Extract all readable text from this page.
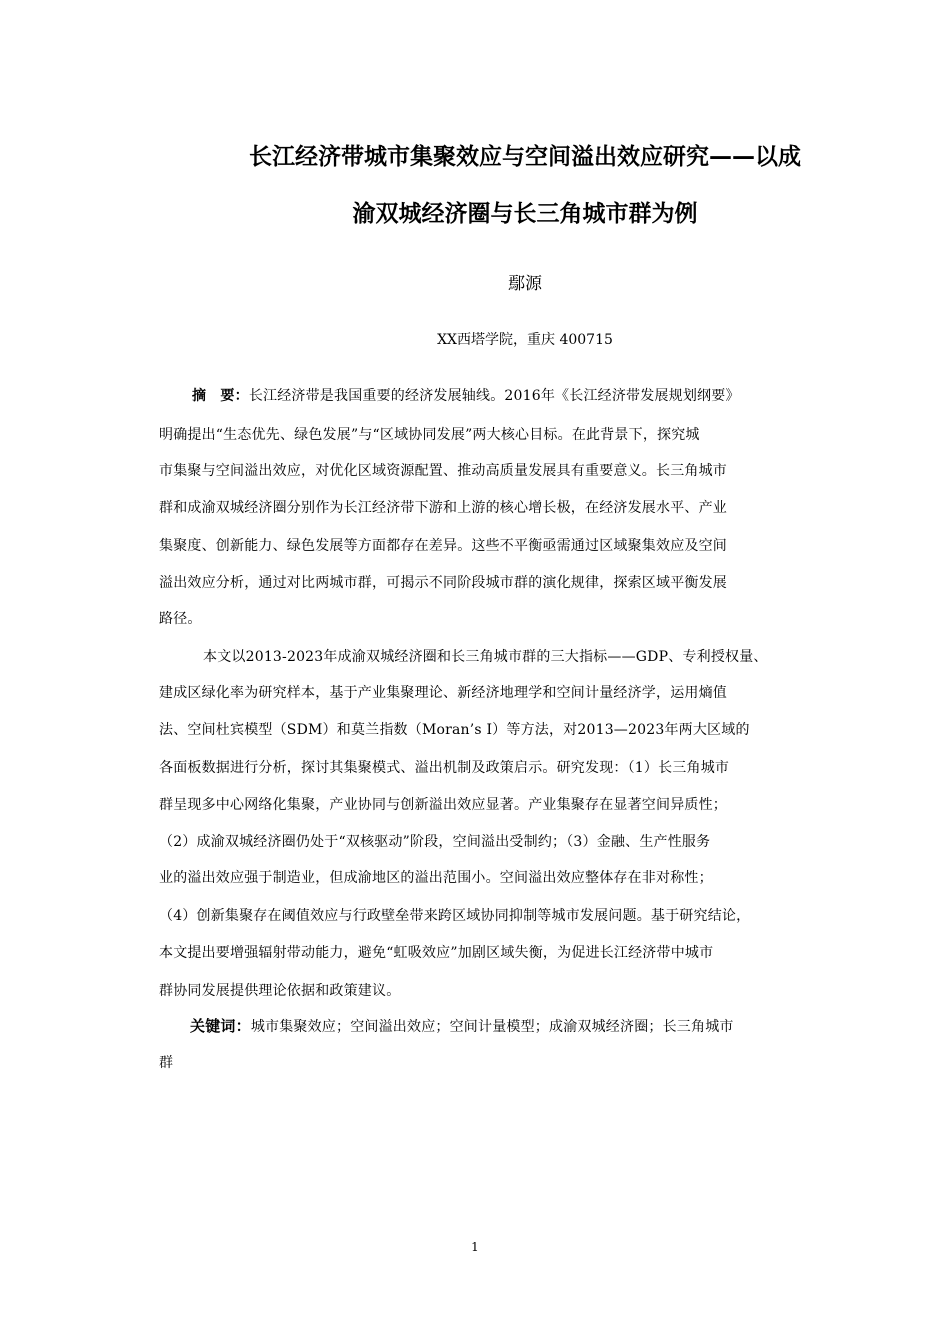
长江经济带城市集聚效应与空间溢出效应研究——以成
渝双城经济圈与长三角城市群为例
鄢源
XX西塔学院，重庆 400715
摘　要：长江经济带是我国重要的经济发展轴线。2016年《长江经济带发展规划纲要》
明确提出“生态优先、绿色发展”与“区域协同发展”两大核心目标。在此背景下，探究城
市集聚与空间溢出效应，对优化区域资源配置、推动高质量发展具有重要意义。长三角城市
群和成渝双城经济圈分别作为长江经济带下游和上游的核心增长极，在经济发展水平、产业
集聚度、创新能力、绿色发展等方面都存在差异。这些不平衡亟需通过区域聚集效应及空间
溢出效应分析，通过对比两城市群，可揭示不同阶段城市群的演化规律，探索区域平衡发展
路径。
本文以2013-2023年成渝双城经济圈和长三角城市群的三大指标——GDP、专利授权量、
建成区绿化率为研究样本，基于产业集聚理论、新经济地理学和空间计量经济学，运用熵值
法、空间杜宾模型（SDM）和莫兰指数（Moran’s I）等方法，对2013—2023年两大区域的
各面板数据进行分析，探讨其集聚模式、溢出机制及政策启示。研究发现：（1）长三角城市
群呈现多中心网络化集聚，产业协同与创新溢出效应显著。产业集聚存在显著空间异质性；
（2）成渝双城经济圈仍处于“双核驱动”阶段，空间溢出受制约；（3）金融、生产性服务
业的溢出效应强于制造业，但成渝地区的溢出范围小。空间溢出效应整体存在非对称性；
（4）创新集聚存在阈值效应与行政壁垒带来跨区域协同抑制等城市发展问题。基于研究结论，
本文提出要增强辐射带动能力，避免“虹吸效应”加剧区域失衡，为促进长江经济带中城市
群协同发展提供理论依据和政策建议。
关键词：城市集聚效应；空间溢出效应；空间计量模型；成渝双城经济圈；长三角城市
群
1
